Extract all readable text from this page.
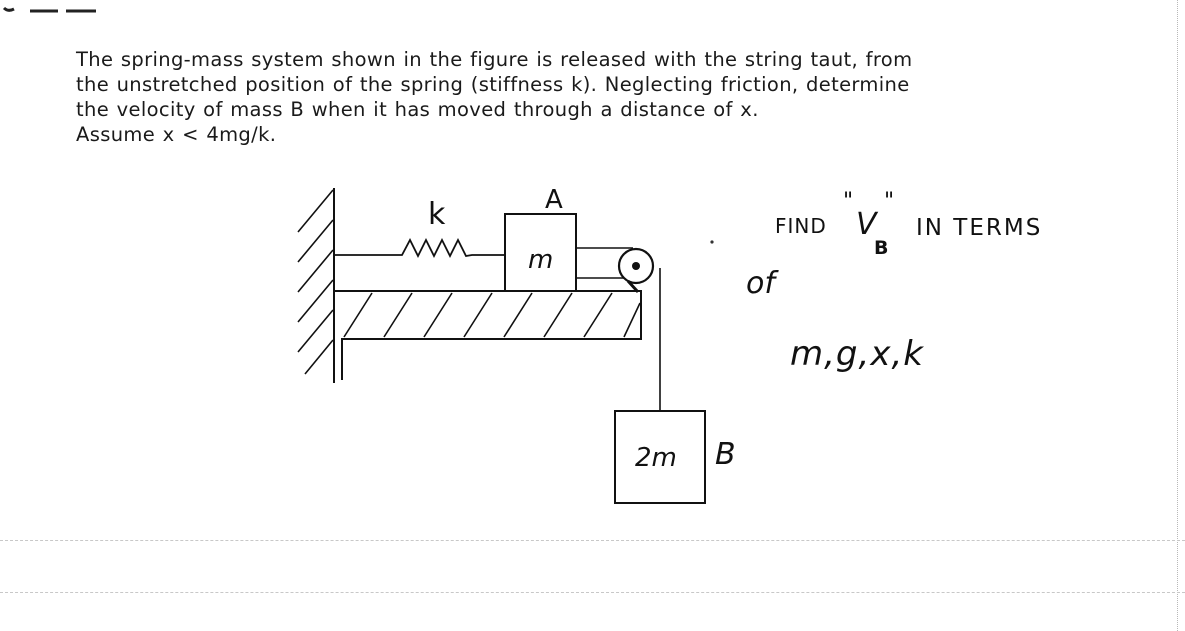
The spring-mass system shown in the figure is released with the string taut, from
the unstretched position of the spring (stiffness k). Neglecting friction, determine
the velocity of mass B when it has moved through a distance of x.
Assume x < 4mg/k.
k	A
m
2m B
"
FIND V
B
"
IN TERMS
of
m,g,x,k
